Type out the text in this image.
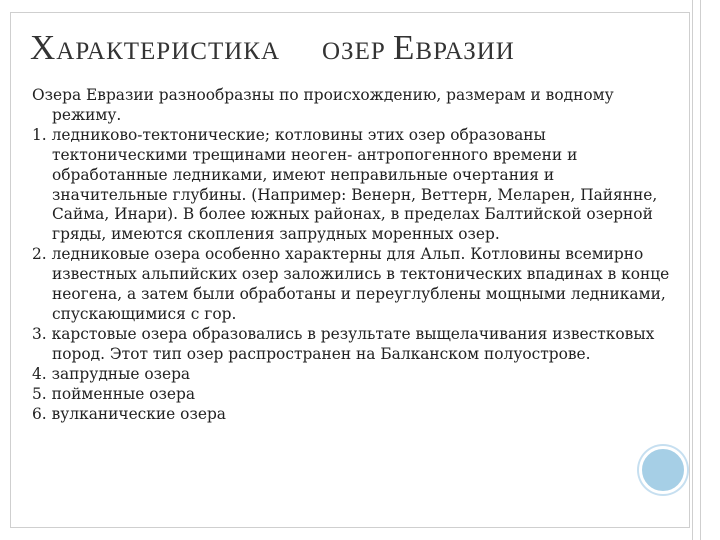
ХАРАКТЕРИСТИКА ОЗЕР ЕВРАЗИИ

Озера Евразии разнообразны по происхождению, размерам и водному режиму.

1. ледниково-тектонические; котловины этих озер образованы тектоническими трещинами неоген- антропогенного времени и обработанные ледниками, имеют неправильные очертания и значительные глубины. (Например: Венерн, Веттерн, Меларен, Пайянне, Сайма, Инари). В более южных районах, в пределах Балтийской озерной гряды, имеются скопления запрудных моренных озер.
2. ледниковые озера особенно характерны для Альп. Котловины всемирно известных альпийских озер заложились в тектонических впадинах в конце неогена, а затем были обработаны и переуглублены мощными ледниками, спускающимися с гор.
3. карстовые озера образовались в результате выщелачивания известковых пород. Этот тип озер распространен на Балканском полуострове.
4. запрудные озера
5. пойменные озера
6. вулканические озера
